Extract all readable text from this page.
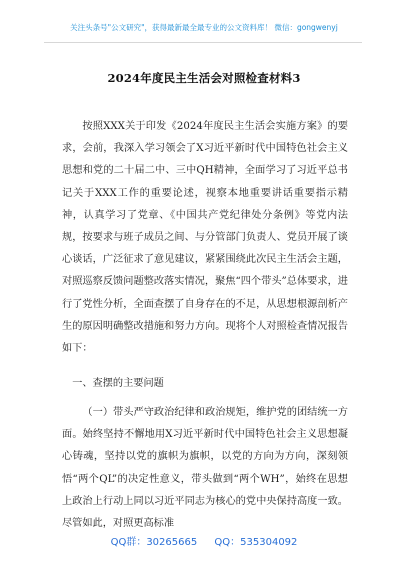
关注头条号"公文研究"，获得最新最全最专业的公文资料库！ 微信：gongwenyj
2024年度民主生活会对照检查材料3

按照XXX关于印发《2024年度民主生活会实施方案》的要求，会前，我深入学习领会了X习近平新时代中国特色社会主义思想和党的二十届二中、三中QH精神，全面学习了习近平总书记关于XXX工作的重要论述，视察本地重要讲话重要指示精神，认真学习了党章、《中国共产党纪律处分条例》等党内法规，按要求与班子成员之间、与分管部门负责人、党员开展了谈心谈话，广泛征求了意见建议，紧紧围绕此次民主生活会主题，对照巡察反馈问题整改落实情况，聚焦“四个带头”总体要求，进行了党性分析，全面查摆了自身存在的不足，从思想根源剖析产生的原因明确整改措施和努力方向。现将个人对照检查情况报告如下：

一、查摆的主要问题

（一）带头严守政治纪律和政治规矩，维护党的团结统一方面。始终坚持不懈地用X习近平新时代中国特色社会主义思想凝心铸魂，坚持以党的旗帜为旗帜，以党的方向为方向，深刻领悟“两个QL”的决定性意义，带头做到“两个WH”，始终在思想上政治上行动上同以习近平同志为核心的党中央保持高度一致。尽管如此，对照更高标准

QQ群：30265665 QQ：535304092
